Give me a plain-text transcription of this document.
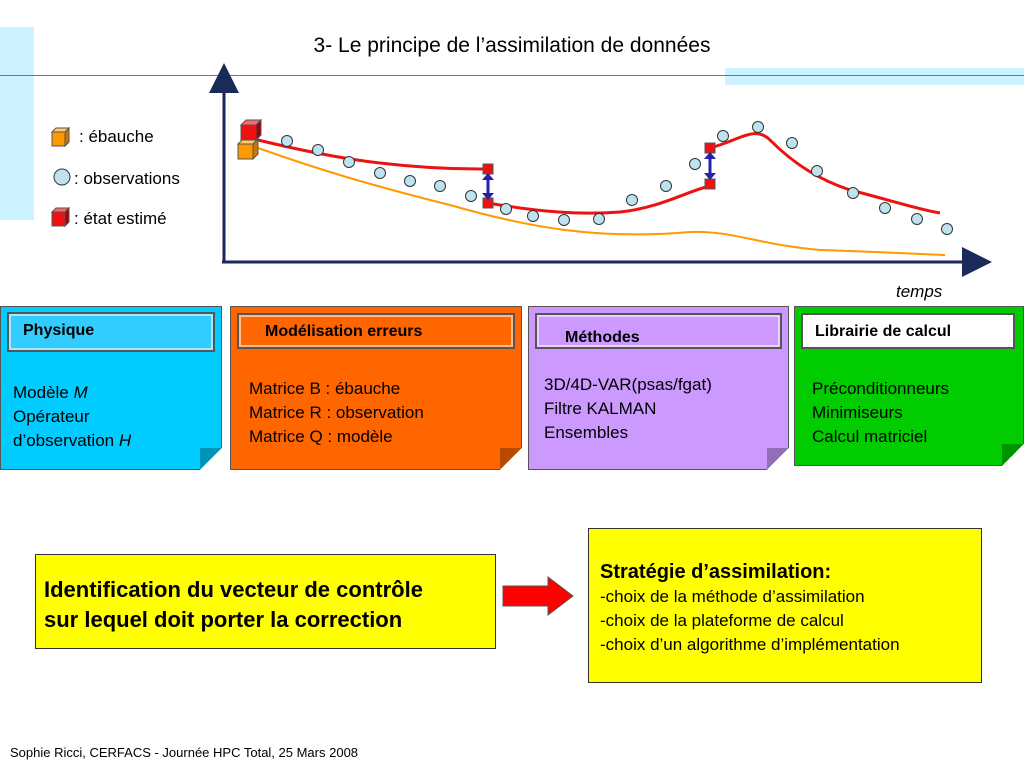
3- Le principe de l’assimilation de données
: ébauche
: observations
: état estimé
temps
Physique
Modèle M
Opérateur
d’observation H
Modélisation erreurs
Matrice B : ébauche
Matrice R : observation
Matrice Q : modèle
Méthodes
3D/4D-VAR(psas/fgat)
Filtre KALMAN
Ensembles
Librairie de calcul
Préconditionneurs
Minimiseurs
Calcul matriciel
Identification du vecteur de contrôle
sur lequel doit porter la correction
Stratégie d’assimilation:
-choix de la méthode d’assimilation
-choix de la plateforme de calcul
-choix d’un algorithme d’implémentation
Sophie Ricci, CERFACS - Journée HPC Total, 25 Mars 2008
